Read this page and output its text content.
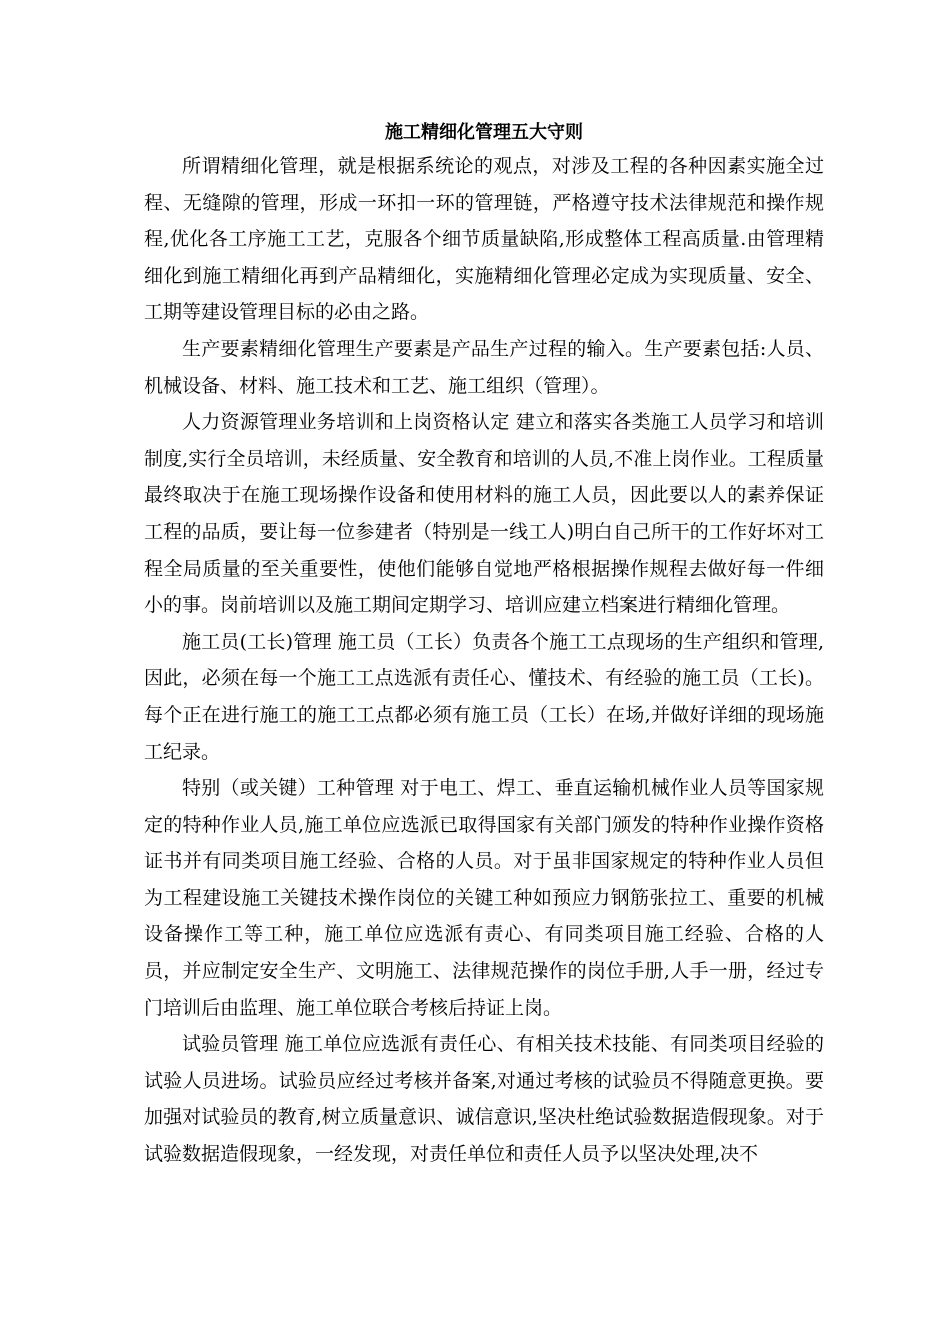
施工精细化管理五大守则

所谓精细化管理，就是根据系统论的观点，对涉及工程的各种因素实施全过程、无缝隙的管理，形成一环扣一环的管理链，严格遵守技术法律规范和操作规程,优化各工序施工工艺，克服各个细节质量缺陷,形成整体工程高质量.由管理精细化到施工精细化再到产品精细化，实施精细化管理必定成为实现质量、安全、工期等建设管理目标的必由之路。

生产要素精细化管理生产要素是产品生产过程的输入。生产要素包括:人员、机械设备、材料、施工技术和工艺、施工组织（管理）。

人力资源管理业务培训和上岗资格认定 建立和落实各类施工人员学习和培训制度,实行全员培训，未经质量、安全教育和培训的人员,不准上岗作业。工程质量最终取决于在施工现场操作设备和使用材料的施工人员，因此要以人的素养保证工程的品质，要让每一位参建者（特别是一线工人)明白自己所干的工作好坏对工程全局质量的至关重要性，使他们能够自觉地严格根据操作规程去做好每一件细小的事。岗前培训以及施工期间定期学习、培训应建立档案进行精细化管理。

施工员(工长)管理 施工员（工长）负责各个施工工点现场的生产组织和管理,因此，必须在每一个施工工点选派有责任心、懂技术、有经验的施工员（工长)。每个正在进行施工的施工工点都必须有施工员（工长）在场,并做好详细的现场施工纪录。

特别（或关键）工种管理 对于电工、焊工、垂直运输机械作业人员等国家规定的特种作业人员,施工单位应选派已取得国家有关部门颁发的特种作业操作资格证书并有同类项目施工经验、合格的人员。对于虽非国家规定的特种作业人员但为工程建设施工关键技术操作岗位的关键工种如预应力钢筋张拉工、重要的机械设备操作工等工种，施工单位应选派有责心、有同类项目施工经验、合格的人员，并应制定安全生产、文明施工、法律规范操作的岗位手册,人手一册，经过专门培训后由监理、施工单位联合考核后持证上岗。

试验员管理 施工单位应选派有责任心、有相关技术技能、有同类项目经验的试验人员进场。试验员应经过考核并备案,对通过考核的试验员不得随意更换。要加强对试验员的教育,树立质量意识、诚信意识,坚决杜绝试验数据造假现象。对于试验数据造假现象，一经发现，对责任单位和责任人员予以坚决处理,决不
